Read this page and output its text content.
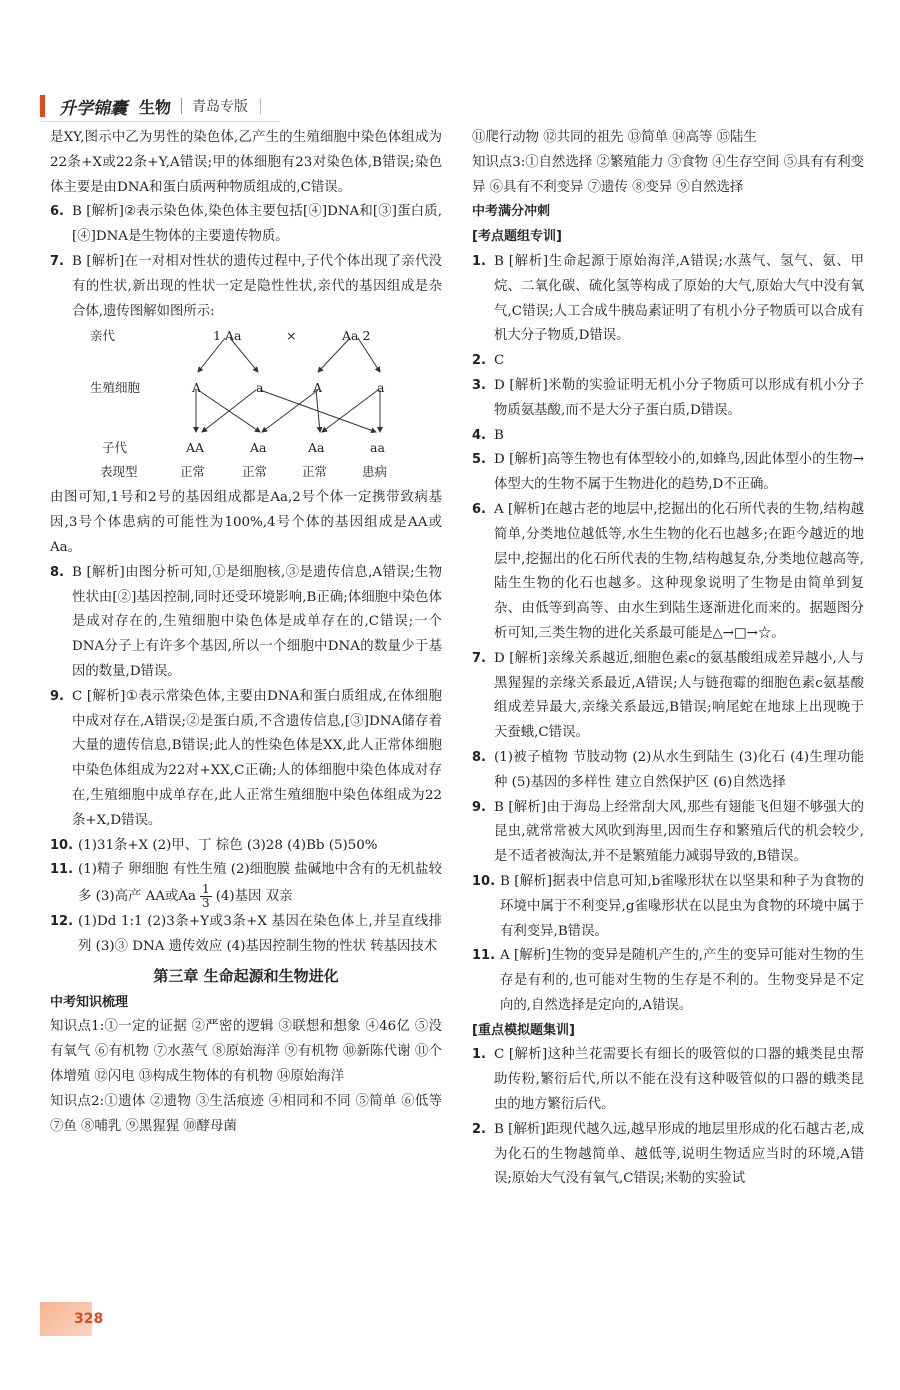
升学锦囊 生物 青岛专版

是XY,图示中乙为男性的染色体,乙产生的生殖细胞中染色体组成为22条+X或22条+Y,A错误;甲的体细胞有23对染色体,B错误;染色体主要是由DNA和蛋白质两种物质组成的,C错误。

6. B [解析]②表示染色体,染色体主要包括[④]DNA和[③]蛋白质,[④]DNA是生物体的主要遗传物质。

7. B [解析]在一对相对性状的遗传过程中,子代个体出现了亲代没有的性状,新出现的性状一定是隐性性状,亲代的基因组成是杂合体,遗传图解如图所示:

亲代	1 Aa	×	Aa 2
生殖细胞	A	a	A	a
子代	AA	Aa	Aa	aa
表现型	正常	正常	正常	患病

由图可知,1号和2号的基因组成都是Aa,2号个体一定携带致病基因,3号个体患病的可能性为100%,4号个体的基因组成是AA或Aa。

8. B [解析]由图分析可知,①是细胞核,③是遗传信息,A错误;生物性状由[②]基因控制,同时还受环境影响,B正确;体细胞中染色体是成对存在的,生殖细胞中染色体是成单存在的,C错误;一个DNA分子上有许多个基因,所以一个细胞中DNA的数量少于基因的数量,D错误。

9. C [解析]①表示常染色体,主要由DNA和蛋白质组成,在体细胞中成对存在,A错误;②是蛋白质,不含遗传信息,[③]DNA储存着大量的遗传信息,B错误;此人的性染色体是XX,此人正常体细胞中染色体组成为22对+XX,C正确;人的体细胞中染色体成对存在,生殖细胞中成单存在,此人正常生殖细胞中染色体组成为22条+X,D错误。

10. (1)31条+X (2)甲、丁 棕色 (3)28 (4)Bb (5)50%

11. (1)精子 卵细胞 有性生殖 (2)细胞膜 盐碱地中含有的无机盐较多 (3)高产 AA或Aa $\frac{1}{3} (4)$基因 双亲

12. (1)Dd 1:1 (2)3条+Y或3条+X 基因在染色体上,并呈直线排列 (3)③ DNA 遗传效应 (4)基因控制生物的性状 转基因技术

第三章 生命起源和生物进化

中考知识梳理

知识点1:①一定的证据 ②严密的逻辑 ③联想和想象 ④46亿 ⑤没有氧气 ⑥有机物 ⑦水蒸气 ⑧原始海洋 ⑨有机物 ⑩新陈代谢 ⑪个体增殖 ⑫闪电 ⑬构成生物体的有机物 ⑭原始海洋

知识点2:①遗体 ②遗物 ③生活痕迹 ④相同和不同 ⑤简单 ⑥低等 ⑦鱼 ⑧哺乳 ⑨黑猩猩 ⑩酵母菌

⑪爬行动物 ⑫共同的祖先 ⑬简单 ⑭高等 ⑮陆生

知识点3:①自然选择 ②繁殖能力 ③食物 ④生存空间 ⑤具有有利变异 ⑥具有不利变异 ⑦遗传 ⑧变异 ⑨自然选择

中考满分冲刺

[考点题组专训]

1. B [解析]生命起源于原始海洋,A错误;水蒸气、氢气、氨、甲烷、二氧化碳、硫化氢等构成了原始的大气,原始大气中没有氧气,C错误;人工合成牛胰岛素证明了有机小分子物质可以合成有机大分子物质,D错误。

2. C

3. D [解析]米勒的实验证明无机小分子物质可以形成有机小分子物质氨基酸,而不是大分子蛋白质,D错误。

4. B

5. D [解析]高等生物也有体型较小的,如蜂鸟,因此体型小的生物→体型大的生物不属于生物进化的趋势,D不正确。

6. A [解析]在越古老的地层中,挖掘出的化石所代表的生物,结构越简单,分类地位越低等,水生生物的化石也越多;在距今越近的地层中,挖掘出的化石所代表的生物,结构越复杂,分类地位越高等,陆生生物的化石也越多。这种现象说明了生物是由简单到复杂、由低等到高等、由水生到陆生逐渐进化而来的。据题图分析可知,三类生物的进化关系最可能是△→□→☆。

7. D [解析]亲缘关系越近,细胞色素c的氨基酸组成差异越小,人与黑猩猩的亲缘关系最近,A错误;人与链孢霉的细胞色素c氨基酸组成差异最大,亲缘关系最远,B错误;响尾蛇在地球上出现晚于天蚕蛾,C错误。

8. (1)被子植物 节肢动物 (2)从水生到陆生 (3)化石 (4)生理功能 种 (5)基因的多样性 建立自然保护区 (6)自然选择

9. B [解析]由于海岛上经常刮大风,那些有翅能飞但翅不够强大的昆虫,就常常被大风吹到海里,因而生存和繁殖后代的机会较少,是不适者被淘汰,并不是繁殖能力减弱导致的,B错误。

10. B [解析]据表中信息可知,b雀喙形状在以坚果和种子为食物的环境中属于不利变异,g雀喙形状在以昆虫为食物的环境中属于有利变异,B错误。

11. A [解析]生物的变异是随机产生的,产生的变异可能对生物的生存是有利的,也可能对生物的生存是不利的。生物变异是不定向的,自然选择是定向的,A错误。

[重点模拟题集训]

1. C [解析]这种兰花需要长有细长的吸管似的口器的蛾类昆虫帮助传粉,繁衍后代,所以不能在没有这种吸管似的口器的蛾类昆虫的地方繁衍后代。

2. B [解析]距现代越久远,越早形成的地层里形成的化石越古老,成为化石的生物越简单、越低等,说明生物适应当时的环境,A错误;原始大气没有氧气,C错误;米勒的实验试

328
